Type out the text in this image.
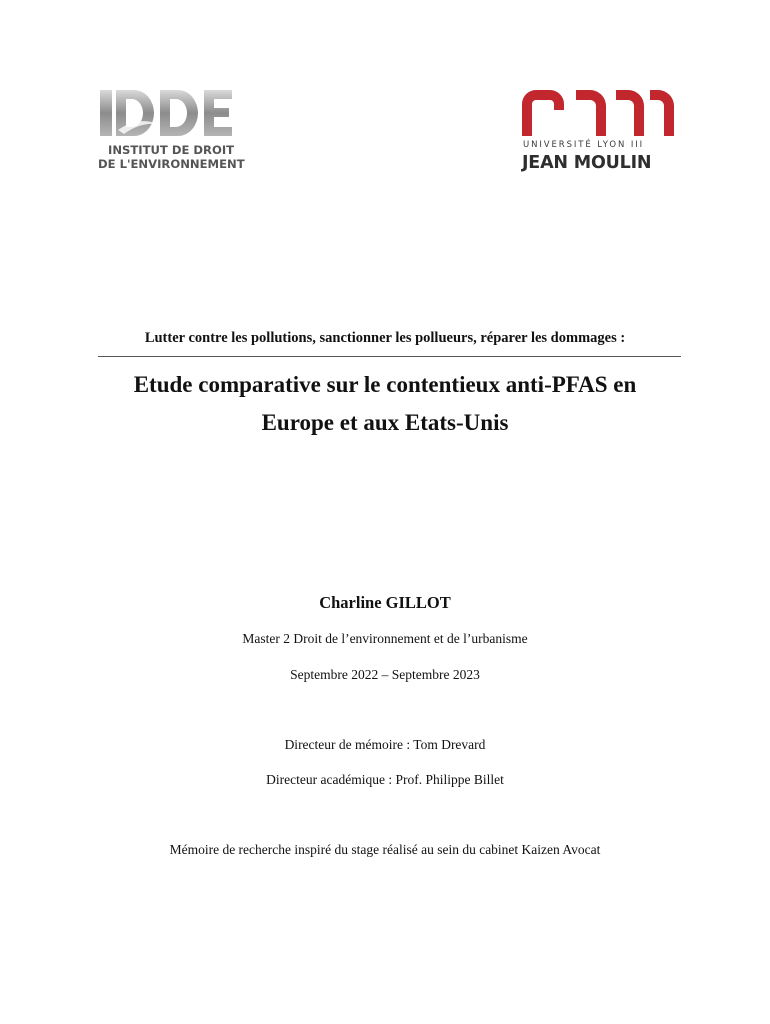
INSTITUT DE DROIT
DE L'ENVIRONNEMENT
UNIVERSITÉ LYON III
JEAN MOULIN
Lutter contre les pollutions, sanctionner les pollueurs, réparer les dommages :
Etude comparative sur le contentieux anti-PFAS en
Europe et aux Etats-Unis
Charline GILLOT
Master 2 Droit de l’environnement et de l’urbanisme
Septembre 2022 – Septembre 2023
Directeur de mémoire : Tom Drevard
Directeur académique : Prof. Philippe Billet
Mémoire de recherche inspiré du stage réalisé au sein du cabinet Kaizen Avocat
